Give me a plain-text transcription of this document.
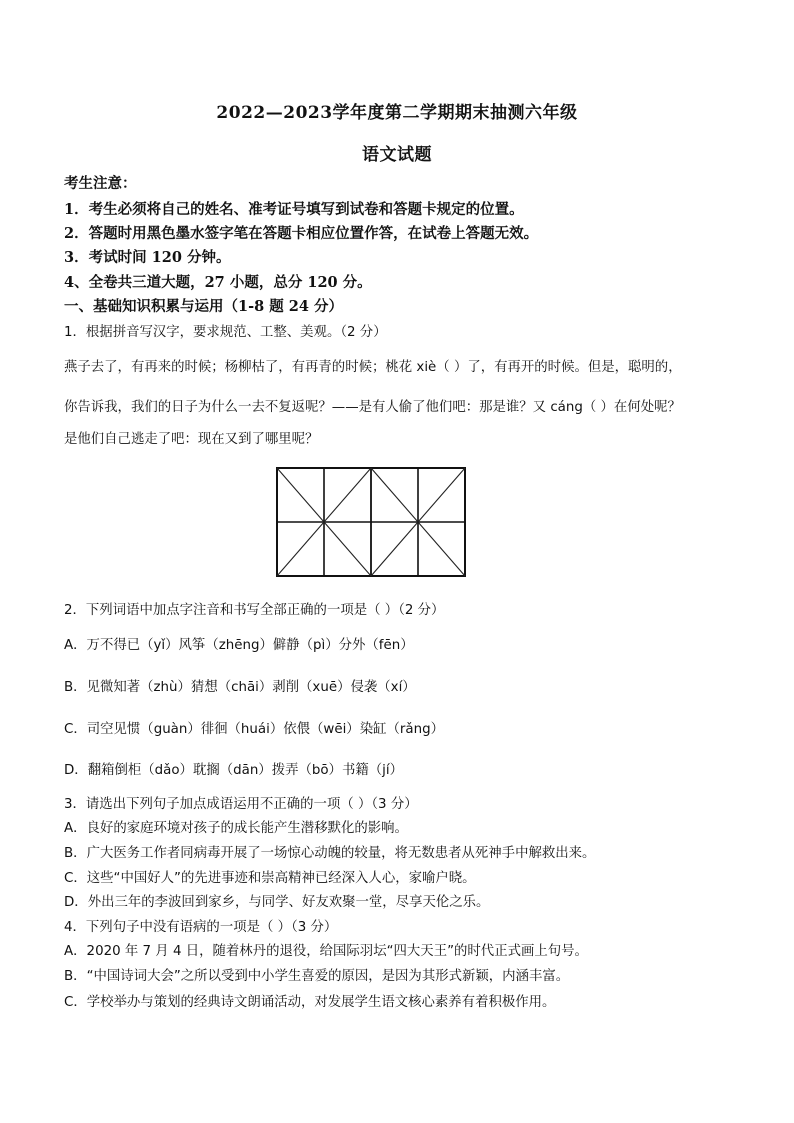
2022—2023学年度第二学期期末抽测六年级
语文试题
考生注意：
1．考生必须将自己的姓名、准考证号填写到试卷和答题卡规定的位置。
2．答题时用黑色墨水签字笔在答题卡相应位置作答，在试卷上答题无效。
3．考试时间 120 分钟。
4、全卷共三道大题，27 小题，总分 120 分。
一、基础知识积累与运用（1-8 题 24 分）
1．根据拼音写汉字，要求规范、工整、美观。（2 分）
燕子去了，有再来的时候；杨柳枯了，有再青的时候；桃花 xiè（ ）了，有再开的时候。但是，聪明的，
你告诉我，我们的日子为什么一去不复返呢？——是有人偷了他们吧：那是谁？又 cáng（ ）在何处呢？
是他们自己逃走了吧：现在又到了哪里呢？
2．下列词语中加点字注音和书写全部正确的一项是（ ）（2 分）
A．万不得已（yǐ）风筝（zhēng）僻静（pì）分外（fēn）
B．见微知著（zhù）猜想（chāi）剥削（xuē）侵袭（xí）
C．司空见惯（guàn）徘徊（huái）依偎（wēi）染缸（rǎng）
D．翻箱倒柜（dǎo）耽搁（dān）拨弄（bō）书籍（jí）
3．请选出下列句子加点成语运用不正确的一项（ ）（3 分）
A．良好的家庭环境对孩子的成长能产生潜移默化的影响。
B．广大医务工作者同病毒开展了一场惊心动魄的较量，将无数患者从死神手中解救出来。
C．这些“中国好人”的先进事迹和崇高精神已经深入人心，家喻户晓。
D．外出三年的李波回到家乡，与同学、好友欢聚一堂，尽享天伦之乐。
4．下列句子中没有语病的一项是（ ）（3 分）
A．2020 年 7 月 4 日，随着林丹的退役，给国际羽坛“四大天王”的时代正式画上句号。
B．“中国诗词大会”之所以受到中小学生喜爱的原因，是因为其形式新颖，内涵丰富。
C．学校举办与策划的经典诗文朗诵活动，对发展学生语文核心素养有着积极作用。
